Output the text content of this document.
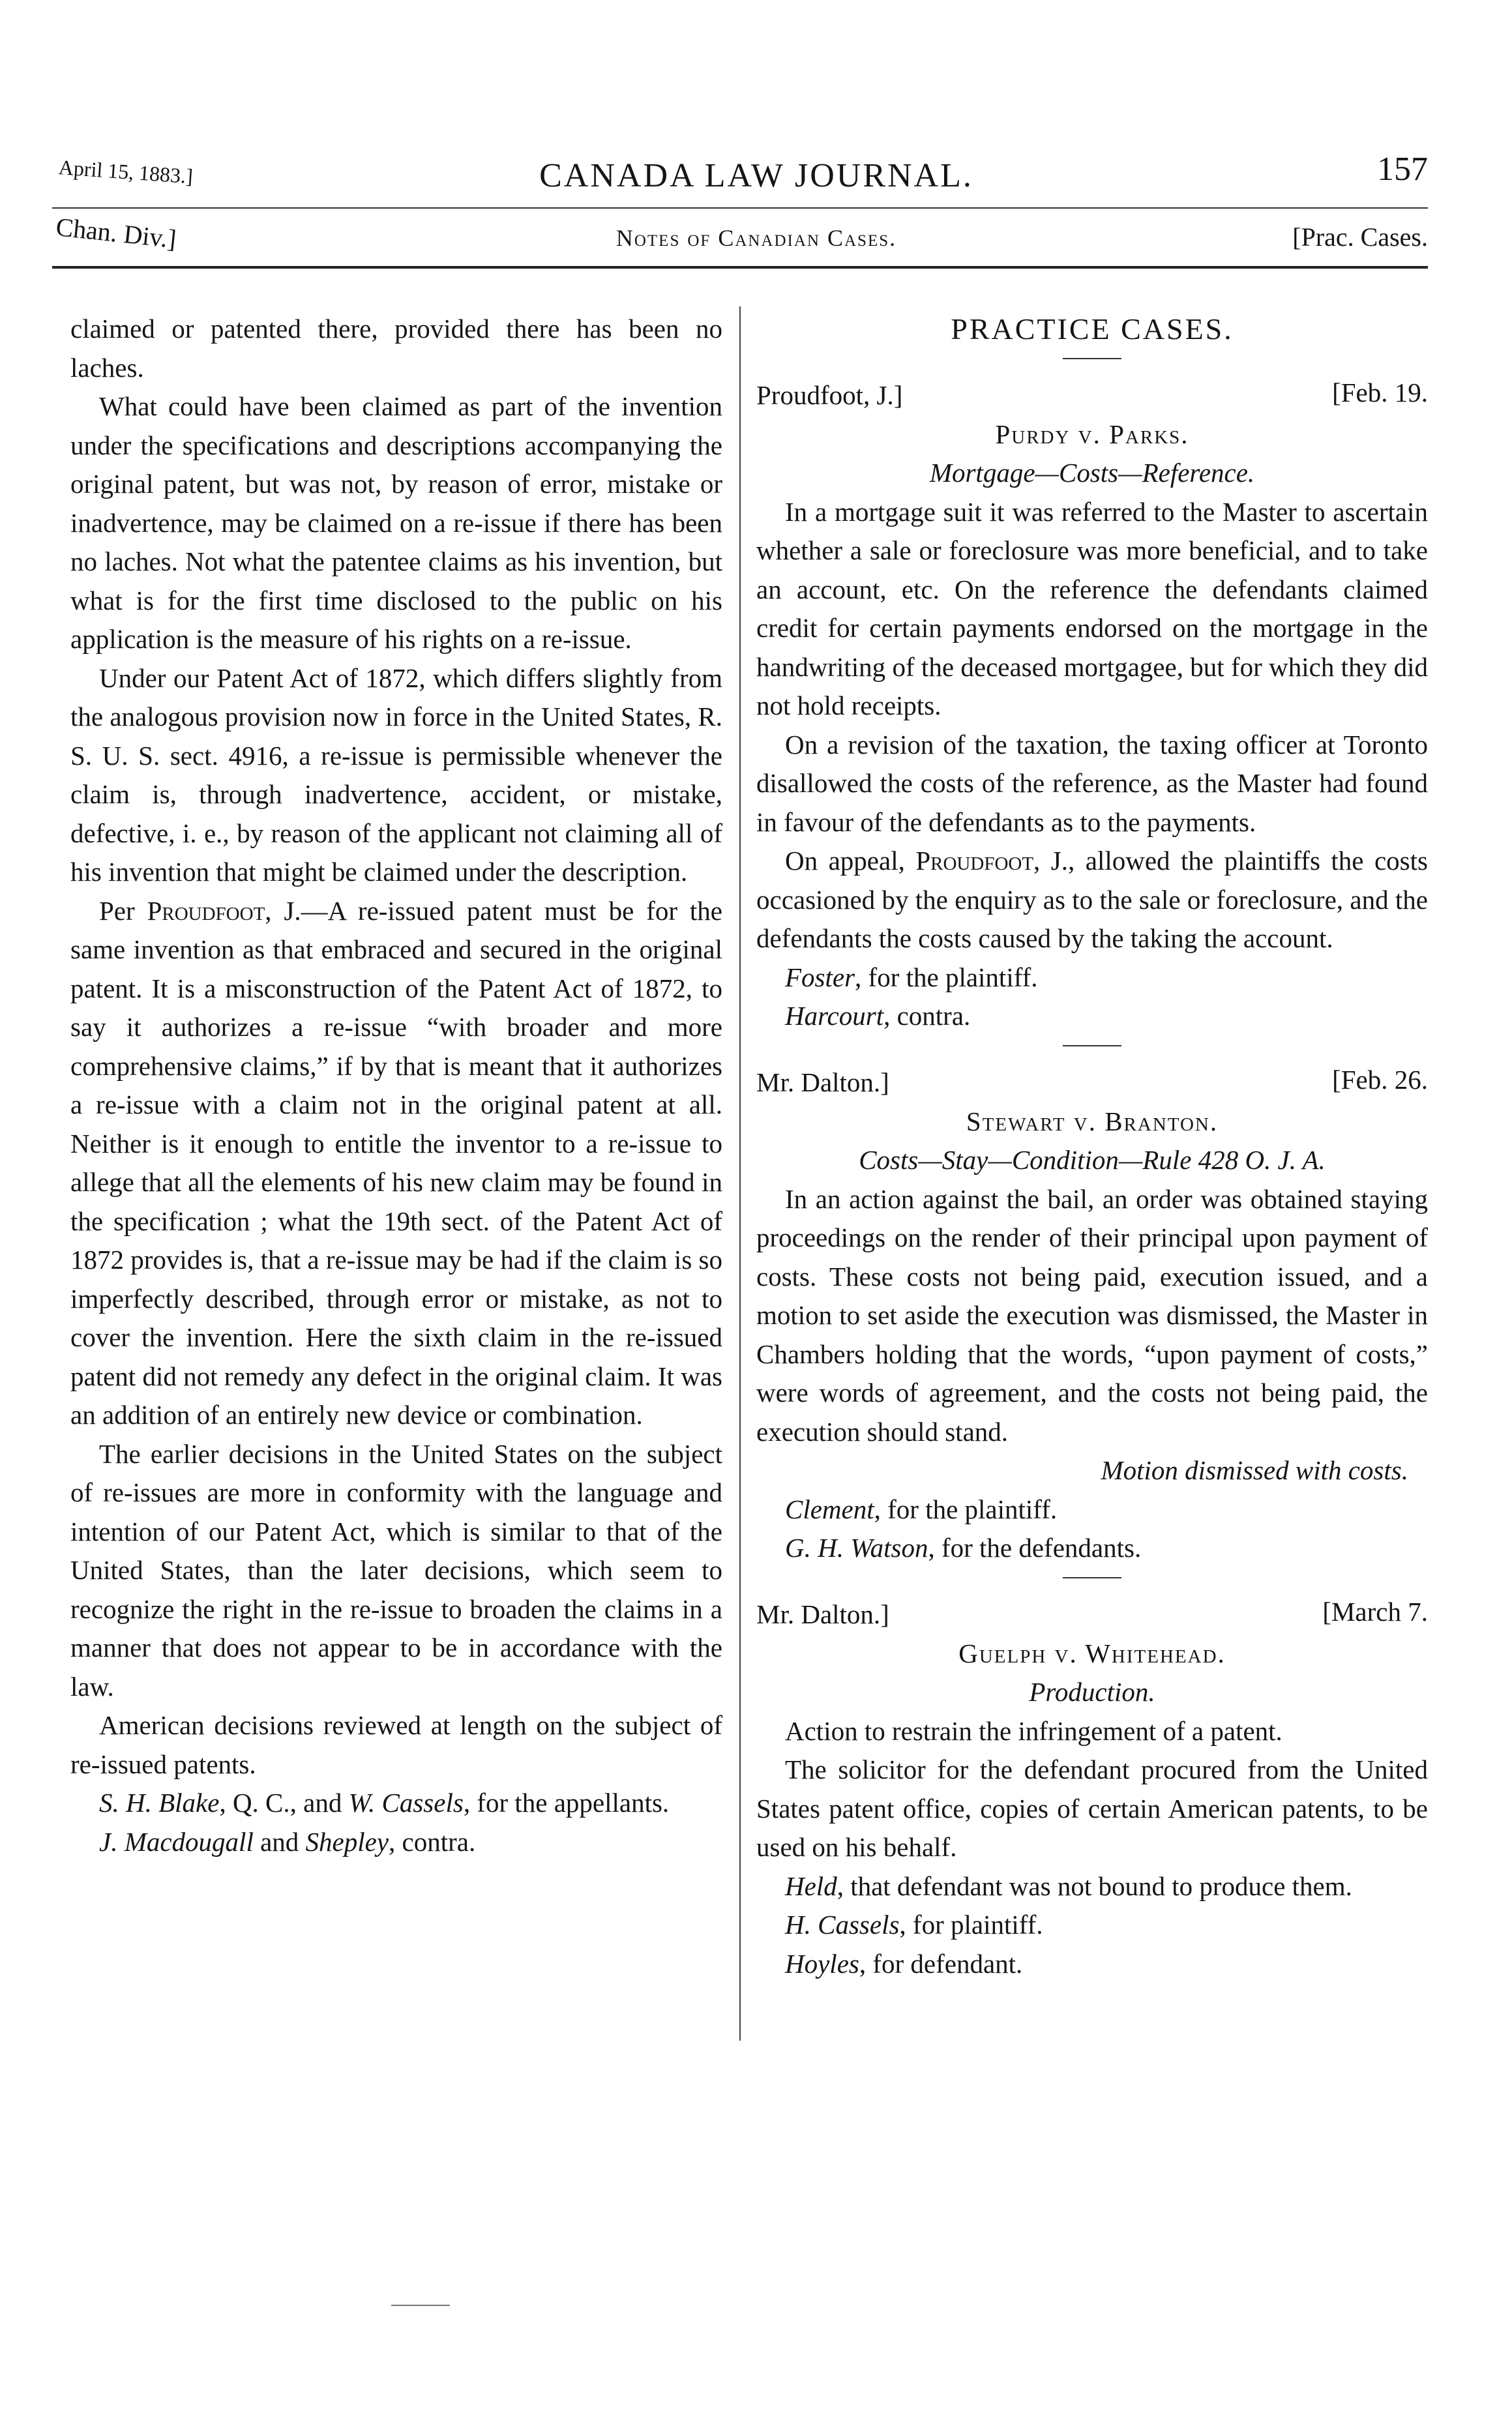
April 15, 1883.]	CANADA LAW JOURNAL.	157
Chan. Div.]	Notes of Canadian Cases.	[Prac. Cases.

claimed or patented there, provided there has been no laches.

What could have been claimed as part of the invention under the specifications and descriptions accompanying the original patent, but was not, by reason of error, mistake or inadvertence, may be claimed on a re-issue if there has been no laches. Not what the patentee claims as his invention, but what is for the first time disclosed to the public on his application is the measure of his rights on a re-issue.

Under our Patent Act of 1872, which differs slightly from the analogous provision now in force in the United States, R. S. U. S. sect. 4916, a re-issue is permissible whenever the claim is, through inadvertence, accident, or mistake, defective, i. e., by reason of the applicant not claiming all of his invention that might be claimed under the description.

Per Proudfoot, J.—A re-issued patent must be for the same invention as that embraced and secured in the original patent. It is a misconstruction of the Patent Act of 1872, to say it authorizes a re-issue “with broader and more comprehensive claims,” if by that is meant that it authorizes a re-issue with a claim not in the original patent at all. Neither is it enough to entitle the inventor to a re-issue to allege that all the elements of his new claim may be found in the specification ; what the 19th sect. of the Patent Act of 1872 provides is, that a re-issue may be had if the claim is so imperfectly described, through error or mistake, as not to cover the invention. Here the sixth claim in the re-issued patent did not remedy any defect in the original claim. It was an addition of an entirely new device or combination.

The earlier decisions in the United States on the subject of re-issues are more in conformity with the language and intention of our Patent Act, which is similar to that of the United States, than the later decisions, which seem to recognize the right in the re-issue to broaden the claims in a manner that does not appear to be in accordance with the law.

American decisions reviewed at length on the subject of re-issued patents.

S. H. Blake, Q. C., and W. Cassels, for the appellants.

J. Macdougall and Shepley, contra.

PRACTICE CASES.
Proudfoot, J.]	[Feb. 19.
Purdy v. Parks.
Mortgage—Costs—Reference.

In a mortgage suit it was referred to the Master to ascertain whether a sale or foreclosure was more beneficial, and to take an account, etc. On the reference the defendants claimed credit for certain payments endorsed on the mortgage in the handwriting of the deceased mortgagee, but for which they did not hold receipts.

On a revision of the taxation, the taxing officer at Toronto disallowed the costs of the reference, as the Master had found in favour of the defendants as to the payments.

On appeal, Proudfoot, J., allowed the plaintiffs the costs occasioned by the enquiry as to the sale or foreclosure, and the defendants the costs caused by the taking the account.

Foster, for the plaintiff.

Harcourt, contra.

Mr. Dalton.]	[Feb. 26.
Stewart v. Branton.
Costs—Stay—Condition—Rule 428 O. J. A.

In an action against the bail, an order was obtained staying proceedings on the render of their principal upon payment of costs. These costs not being paid, execution issued, and a motion to set aside the execution was dismissed, the Master in Chambers holding that the words, “upon payment of costs,” were words of agreement, and the costs not being paid, the execution should stand.

Motion dismissed with costs.

Clement, for the plaintiff.

G. H. Watson, for the defendants.

Mr. Dalton.]	[March 7.
Guelph v. Whitehead.
Production.

Action to restrain the infringement of a patent.

The solicitor for the defendant procured from the United States patent office, copies of certain American patents, to be used on his behalf.

Held, that defendant was not bound to produce them.

H. Cassels, for plaintiff.

Hoyles, for defendant.
